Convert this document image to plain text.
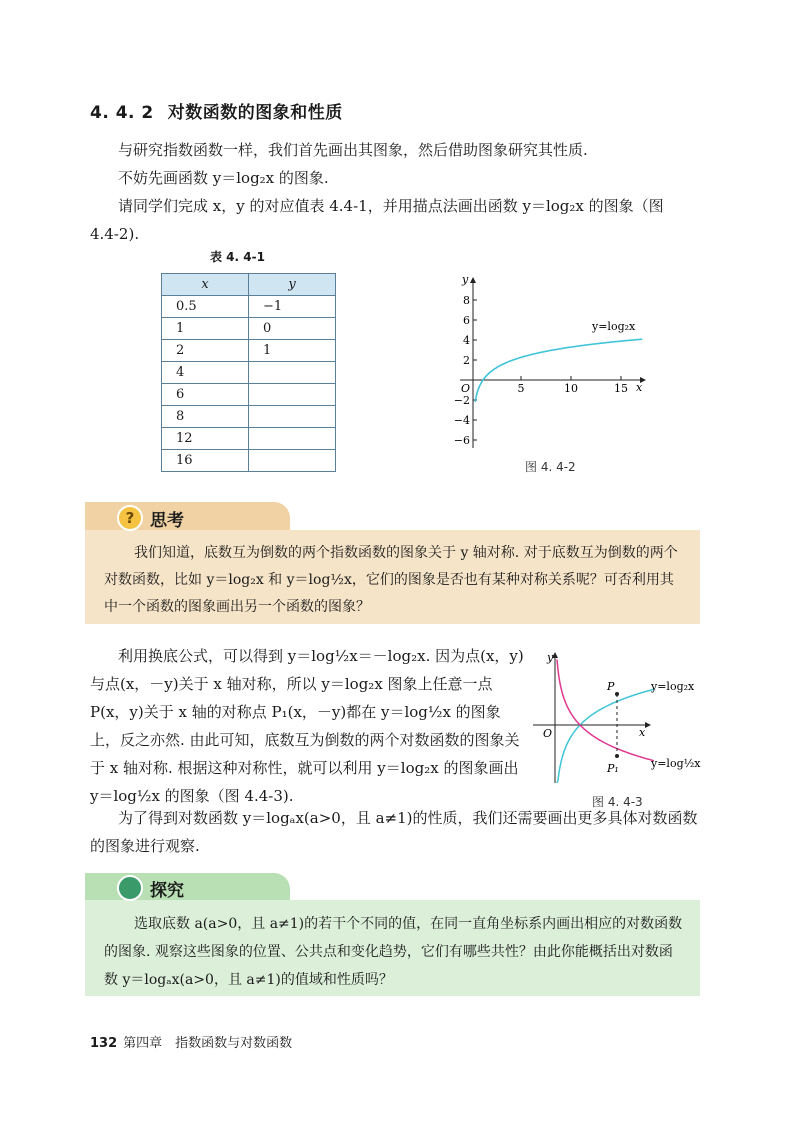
4. 4. 2 对数函数的图象和性质
与研究指数函数一样，我们首先画出其图象，然后借助图象研究其性质.
不妨先画函数 y＝log₂x 的图象.
请同学们完成 x，y 的对应值表 4.4-1，并用描点法画出函数 y＝log₂x 的图象（图
4.4-2).
表 4. 4-1
x	y
0.5	−1
1	0
2	1
4	
6	
8	
12	
16	
y
x
O
8
6
4
2
−2
−4
−6
5	10	15
y=log₂x
图 4. 4-2
? 思考
我们知道，底数互为倒数的两个指数函数的图象关于 y 轴对称. 对于底数互为倒数的两个对数函数，比如 y＝log₂x 和 y＝log½x，它们的图象是否也有某种对称关系呢？可否利用其中一个函数的图象画出另一个函数的图象？
利用换底公式，可以得到 y＝log½x＝－log₂x. 因为点(x，y)与点(x，－y)关于 x 轴对称，所以 y＝log₂x 图象上任意一点 P(x，y)关于 x 轴的对称点 P₁(x，－y)都在 y＝log½x 的图象上，反之亦然. 由此可知，底数互为倒数的两个对数函数的图象关于 x 轴对称. 根据这种对称性，就可以利用 y＝log₂x 的图象画出 y＝log½x 的图象（图 4.4-3).
y
x
O
P
P₁
y=log₂x
y=log½x
图 4. 4-3
为了得到对数函数 y＝logₐx(a>0，且 a≠1)的性质，我们还需要画出更多具体对数函数的图象进行观察.
探究
选取底数 a(a>0，且 a≠1)的若干个不同的值，在同一直角坐标系内画出相应的对数函数的图象. 观察这些图象的位置、公共点和变化趋势，它们有哪些共性？由此你能概括出对数函数 y＝logₐx(a>0，且 a≠1)的值域和性质吗？
132 第四章　指数函数与对数函数
